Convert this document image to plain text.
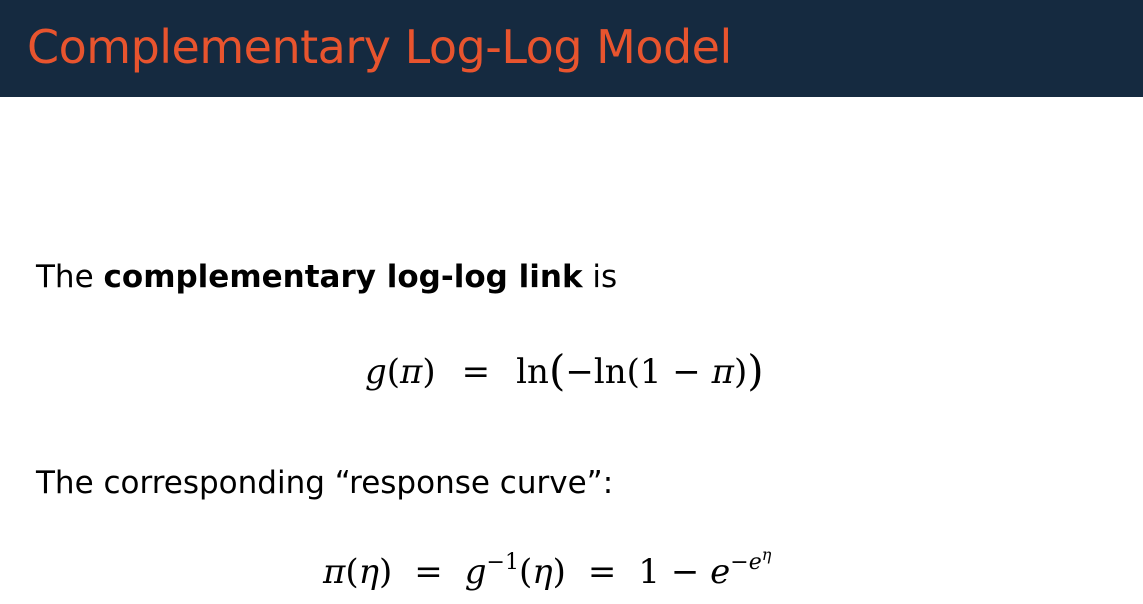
Complementary Log-Log Model
The complementary log-log link is
g(π) = ln(−ln(1 − π))
The corresponding “response curve”:
$\pi(\eta) = g^{-1}(\eta) = 1 - e^{-e^\eta}$
